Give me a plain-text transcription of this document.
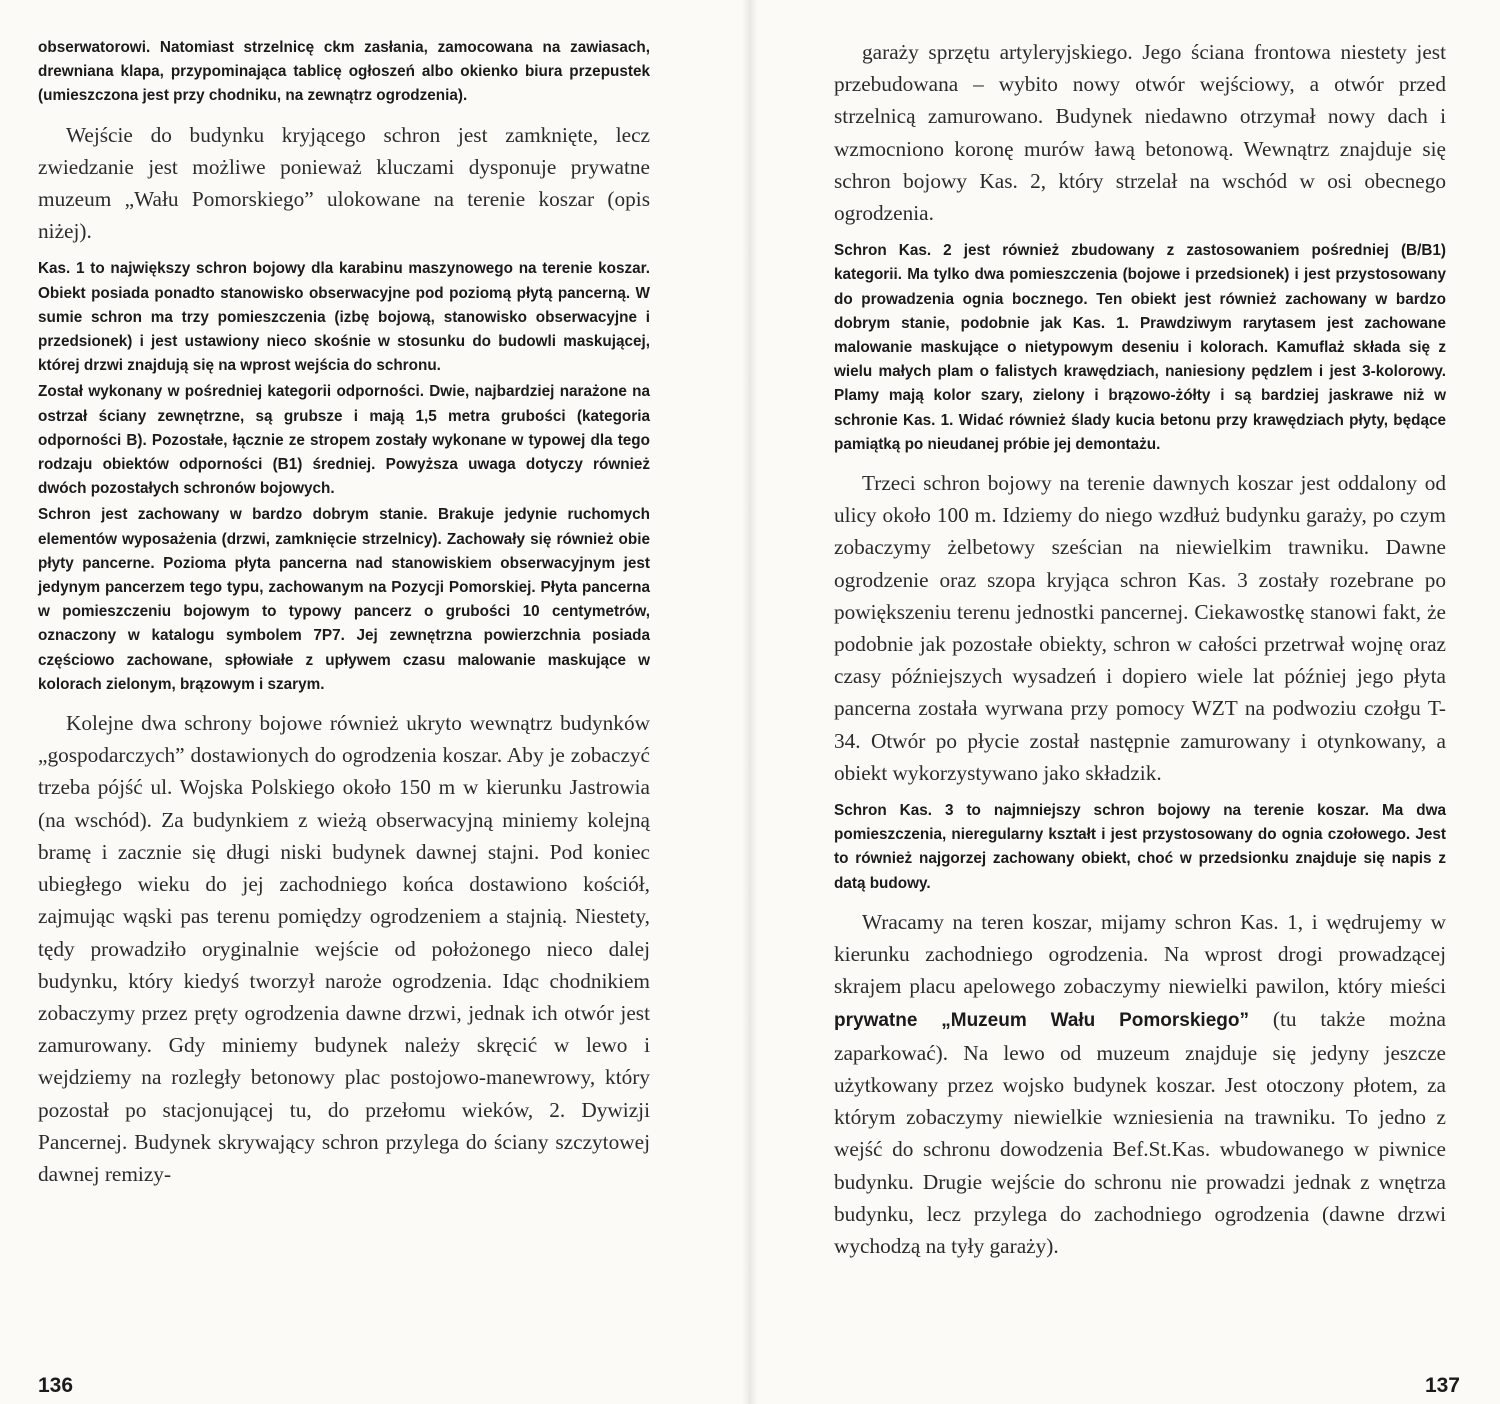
obserwatorowi. Natomiast strzelnicę ckm zasłania, zamocowana na zawiasach, drewniana klapa, przypominająca tablicę ogłoszeń albo okienko biura przepustek (umieszczona jest przy chodniku, na zewnątrz ogrodzenia).

Wejście do budynku kryjącego schron jest zamknięte, lecz zwiedzanie jest możliwe ponieważ kluczami dysponuje prywatne muzeum „Wału Pomorskiego” ulokowane na terenie koszar (opis niżej).

Kas. 1 to największy schron bojowy dla karabinu maszynowego na terenie koszar. Obiekt posiada ponadto stanowisko obserwacyjne pod poziomą płytą pancerną. W sumie schron ma trzy pomieszczenia (izbę bojową, stanowisko obserwacyjne i przedsionek) i jest ustawiony nieco skośnie w stosunku do budowli maskującej, której drzwi znajdują się na wprost wejścia do schronu.

Został wykonany w pośredniej kategorii odporności. Dwie, najbardziej narażone na ostrzał ściany zewnętrzne, są grubsze i mają 1,5 metra grubości (kategoria odporności B). Pozostałe, łącznie ze stropem zostały wykonane w typowej dla tego rodzaju obiektów odporności (B1) średniej. Powyższa uwaga dotyczy również dwóch pozostałych schronów bojowych.

Schron jest zachowany w bardzo dobrym stanie. Brakuje jedynie ruchomych elementów wyposażenia (drzwi, zamknięcie strzelnicy). Zachowały się również obie płyty pancerne. Pozioma płyta pancerna nad stanowiskiem obserwacyjnym jest jedynym pancerzem tego typu, zachowanym na Pozycji Pomorskiej. Płyta pancerna w pomieszczeniu bojowym to typowy pancerz o grubości 10 centymetrów, oznaczony w katalogu symbolem 7P7. Jej zewnętrzna powierzchnia posiada częściowo zachowane, spłowiałe z upływem czasu malowanie maskujące w kolorach zielonym, brązowym i szarym.

Kolejne dwa schrony bojowe również ukryto wewnątrz budynków „gospodarczych” dostawionych do ogrodzenia koszar. Aby je zobaczyć trzeba pójść ul. Wojska Polskiego około 150 m w kierunku Jastrowia (na wschód). Za budynkiem z wieżą obserwacyjną miniemy kolejną bramę i zacznie się długi niski budynek dawnej stajni. Pod koniec ubiegłego wieku do jej zachodniego końca dostawiono kościół, zajmując wąski pas terenu pomiędzy ogrodzeniem a stajnią. Niestety, tędy prowadziło oryginalnie wejście od położonego nieco dalej budynku, który kiedyś tworzył naroże ogrodzenia. Idąc chodnikiem zobaczymy przez pręty ogrodzenia dawne drzwi, jednak ich otwór jest zamurowany. Gdy miniemy budynek należy skręcić w lewo i wejdziemy na rozległy betonowy plac postojowo-manewrowy, który pozostał po stacjonującej tu, do przełomu wieków, 2. Dywizji Pancernej. Budynek skrywający schron przylega do ściany szczytowej dawnej remizy-

136

garaży sprzętu artyleryjskiego. Jego ściana frontowa niestety jest przebudowana – wybito nowy otwór wejściowy, a otwór przed strzelnicą zamurowano. Budynek niedawno otrzymał nowy dach i wzmocniono koronę murów ławą betonową. Wewnątrz znajduje się schron bojowy Kas. 2, który strzelał na wschód w osi obecnego ogrodzenia.

Schron Kas. 2 jest również zbudowany z zastosowaniem pośredniej (B/B1) kategorii. Ma tylko dwa pomieszczenia (bojowe i przedsionek) i jest przystosowany do prowadzenia ognia bocznego. Ten obiekt jest również zachowany w bardzo dobrym stanie, podobnie jak Kas. 1. Prawdziwym rarytasem jest zachowane malowanie maskujące o nietypowym deseniu i kolorach. Kamuflaż składa się z wielu małych plam o falistych krawędziach, naniesiony pędzlem i jest 3-kolorowy. Plamy mają kolor szary, zielony i brązowo-żółty i są bardziej jaskrawe niż w schronie Kas. 1. Widać również ślady kucia betonu przy krawędziach płyty, będące pamiątką po nieudanej próbie jej demontażu.

Trzeci schron bojowy na terenie dawnych koszar jest oddalony od ulicy około 100 m. Idziemy do niego wzdłuż budynku garaży, po czym zobaczymy żelbetowy sześcian na niewielkim trawniku. Dawne ogrodzenie oraz szopa kryjąca schron Kas. 3 zostały rozebrane po powiększeniu terenu jednostki pancernej. Ciekawostkę stanowi fakt, że podobnie jak pozostałe obiekty, schron w całości przetrwał wojnę oraz czasy późniejszych wysadzeń i dopiero wiele lat później jego płyta pancerna została wyrwana przy pomocy WZT na podwoziu czołgu T-34. Otwór po płycie został następnie zamurowany i otynkowany, a obiekt wykorzystywano jako składzik.

Schron Kas. 3 to najmniejszy schron bojowy na terenie koszar. Ma dwa pomieszczenia, nieregularny kształt i jest przystosowany do ognia czołowego. Jest to również najgorzej zachowany obiekt, choć w przedsionku znajduje się napis z datą budowy.

Wracamy na teren koszar, mijamy schron Kas. 1, i wędrujemy w kierunku zachodniego ogrodzenia. Na wprost drogi prowadzącej skrajem placu apelowego zobaczymy niewielki pawilon, który mieści prywatne „Muzeum Wału Pomorskiego” (tu także można zaparkować). Na lewo od muzeum znajduje się jedyny jeszcze użytkowany przez wojsko budynek koszar. Jest otoczony płotem, za którym zobaczymy niewielkie wzniesienia na trawniku. To jedno z wejść do schronu dowodzenia Bef.St.Kas. wbudowanego w piwnice budynku. Drugie wejście do schronu nie prowadzi jednak z wnętrza budynku, lecz przylega do zachodniego ogrodzenia (dawne drzwi wychodzą na tyły garaży).

137
